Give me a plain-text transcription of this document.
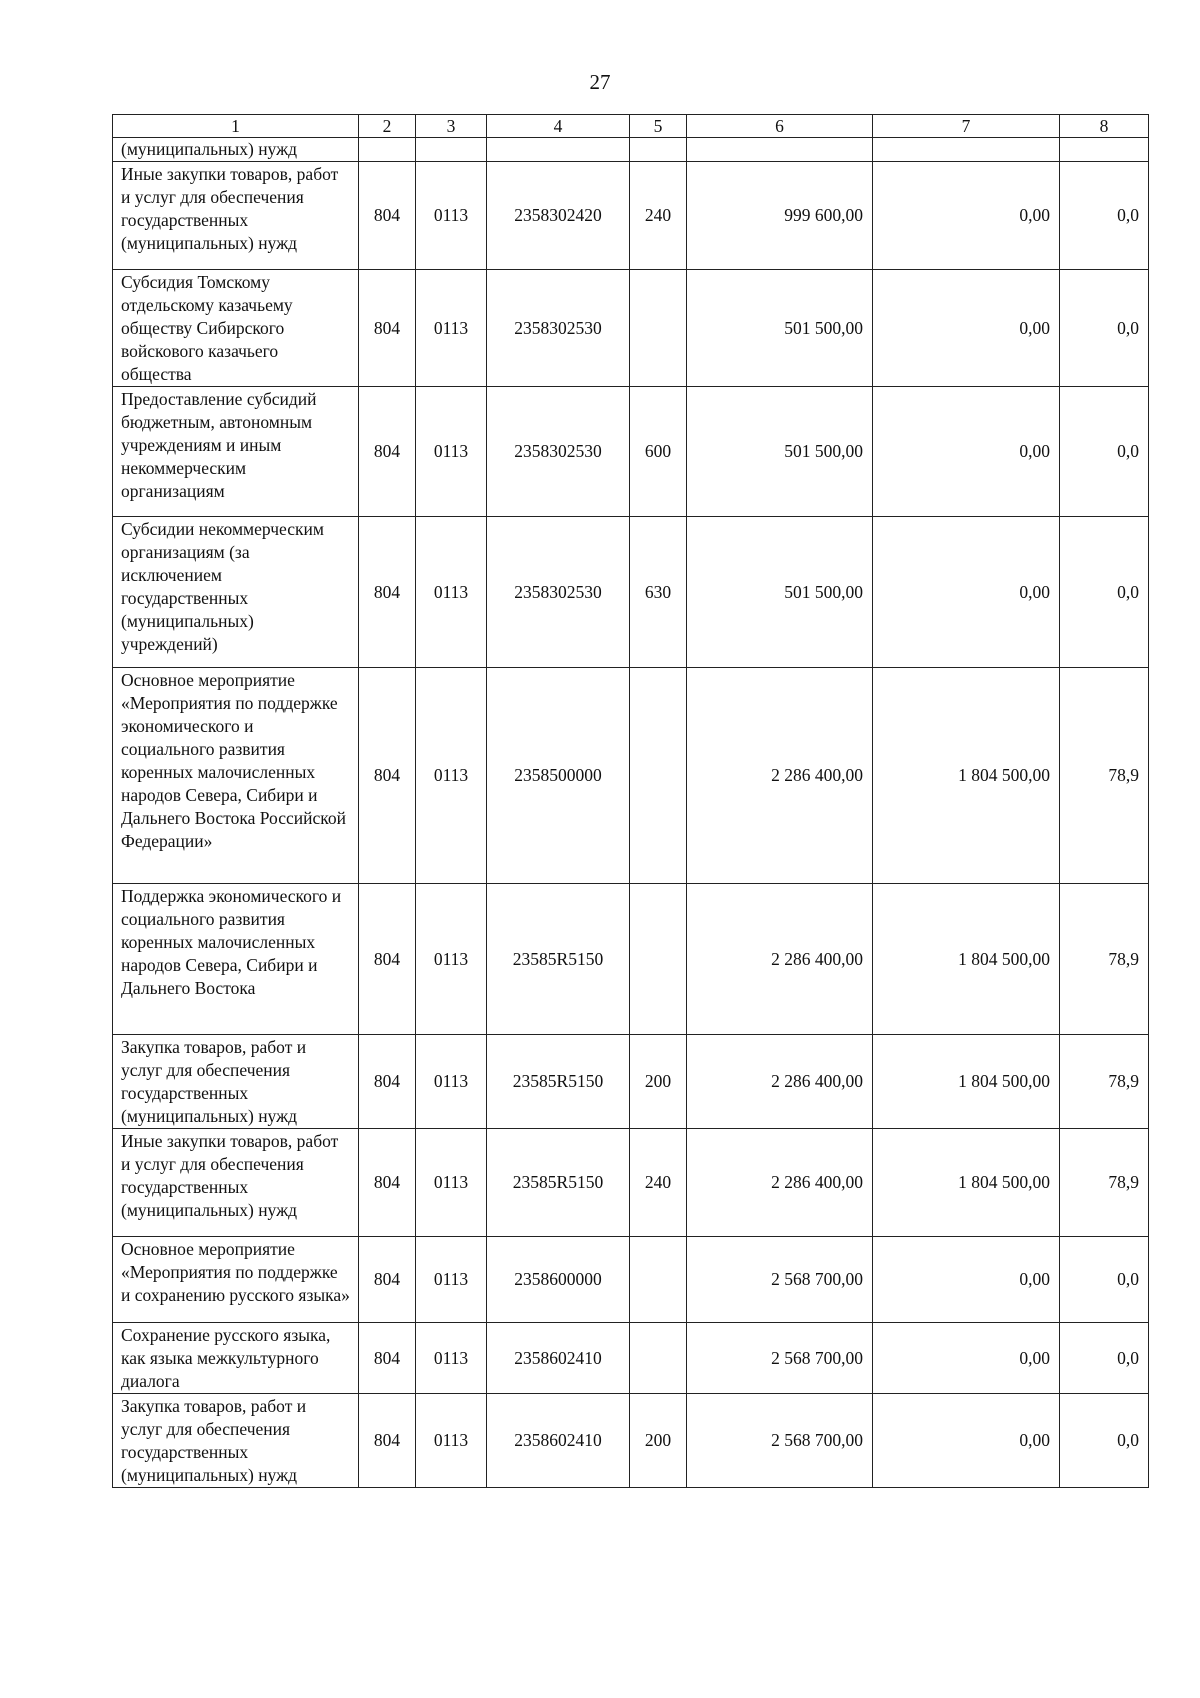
27
1	2	3	4	5	6	7	8
(муниципальных) нужд							
Иные закупки товаров, работ и услуг для обеспечения государственных (муниципальных) нужд	804	0113	2358302420	240	999 600,00	0,00	0,0
Субсидия Томскому отдельскому казачьему обществу Сибирского войскового казачьего общества	804	0113	2358302530		501 500,00	0,00	0,0
Предоставление субсидий бюджетным, автономным учреждениям и иным некоммерческим организациям	804	0113	2358302530	600	501 500,00	0,00	0,0
Субсидии некоммерческим организациям (за исключением государственных (муниципальных) учреждений)	804	0113	2358302530	630	501 500,00	0,00	0,0
Основное мероприятие «Мероприятия по поддержке экономического и социального развития коренных малочисленных народов Севера, Сибири и Дальнего Востока Российской Федерации»	804	0113	2358500000		2 286 400,00	1 804 500,00	78,9
Поддержка экономического и социального развития коренных малочисленных народов Севера, Сибири и Дальнего Востока	804	0113	23585R5150		2 286 400,00	1 804 500,00	78,9
Закупка товаров, работ и услуг для обеспечения государственных (муниципальных) нужд	804	0113	23585R5150	200	2 286 400,00	1 804 500,00	78,9
Иные закупки товаров, работ и услуг для обеспечения государственных (муниципальных) нужд	804	0113	23585R5150	240	2 286 400,00	1 804 500,00	78,9
Основное мероприятие «Мероприятия по поддержке и сохранению русского языка»	804	0113	2358600000		2 568 700,00	0,00	0,0
Сохранение русского языка, как языка межкультурного диалога	804	0113	2358602410		2 568 700,00	0,00	0,0
Закупка товаров, работ и услуг для обеспечения государственных (муниципальных) нужд	804	0113	2358602410	200	2 568 700,00	0,00	0,0
